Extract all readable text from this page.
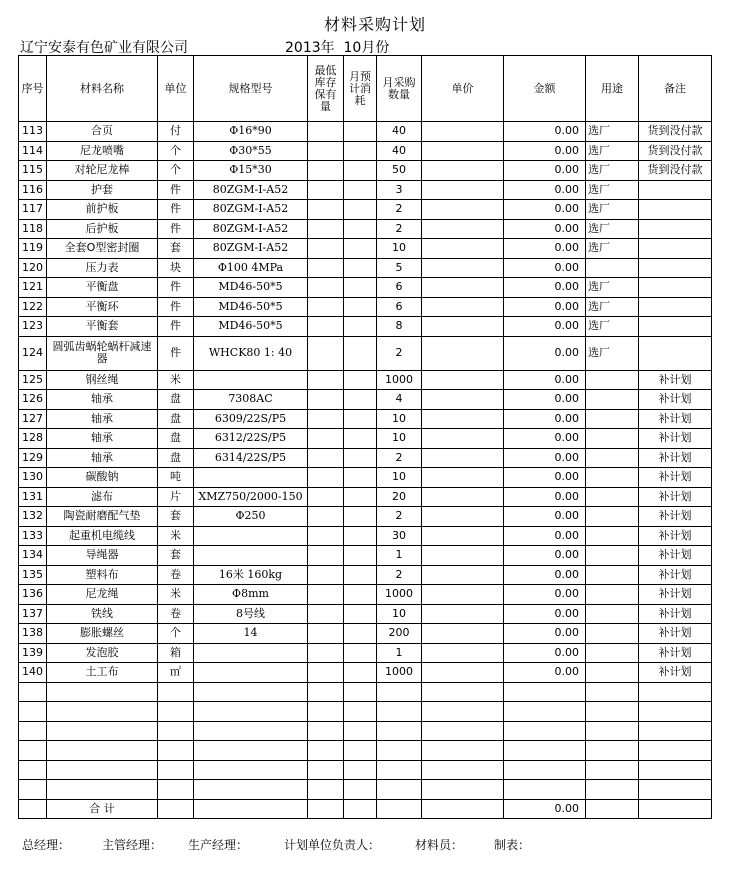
材料采购计划
辽宁安泰有色矿业有限公司	2013年  10月份
序号	材料名称	单位	规格型号	最低库存保有量	月预计消耗	月采购数量	单价	金额	用途	备注
113	合页	付	Φ16*90			40		0.00	选厂	货到没付款
114	尼龙喷嘴	个	Φ30*55			40		0.00	选厂	货到没付款
115	对轮尼龙棒	个	Φ15*30			50		0.00	选厂	货到没付款
116	护套	件	80ZGM-I-A52			3		0.00	选厂	
117	前护板	件	80ZGM-I-A52			2		0.00	选厂	
118	后护板	件	80ZGM-I-A52			2		0.00	选厂	
119	全套O型密封圈	套	80ZGM-I-A52			10		0.00	选厂	
120	压力表	块	Φ100 4MPa			5		0.00		
121	平衡盘	件	MD46-50*5			6		0.00	选厂	
122	平衡环	件	MD46-50*5			6		0.00	选厂	
123	平衡套	件	MD46-50*5			8		0.00	选厂	
124	圆弧齿蜗轮蜗杆减速器	件	WHCK80 1: 40			2		0.00	选厂	
125	钢丝绳	米				1000		0.00		补计划
126	轴承	盘	7308AC			4		0.00		补计划
127	轴承	盘	6309/22S/P5			10		0.00		补计划
128	轴承	盘	6312/22S/P5			10		0.00		补计划
129	轴承	盘	6314/22S/P5			2		0.00		补计划
130	碳酸钠	吨				10		0.00		补计划
131	滤布	片	XMZ750/2000-150			20		0.00		补计划
132	陶瓷耐磨配气垫	套	Φ250			2		0.00		补计划
133	起重机电缆线	米				30		0.00		补计划
134	导绳器	套				1		0.00		补计划
135	塑料布	卷	16米 160kg			2		0.00		补计划
136	尼龙绳	米	Φ8mm			1000		0.00		补计划
137	铁线	卷	8号线			10		0.00		补计划
138	膨胀螺丝	个	14			200		0.00		补计划
139	发泡胶	箱				1		0.00		补计划
140	土工布	㎡				1000		0.00		补计划

	合 计							0.00		
总经理：	主管经理： 生产经理：	计划单位负责人：	材料员：	制表：
